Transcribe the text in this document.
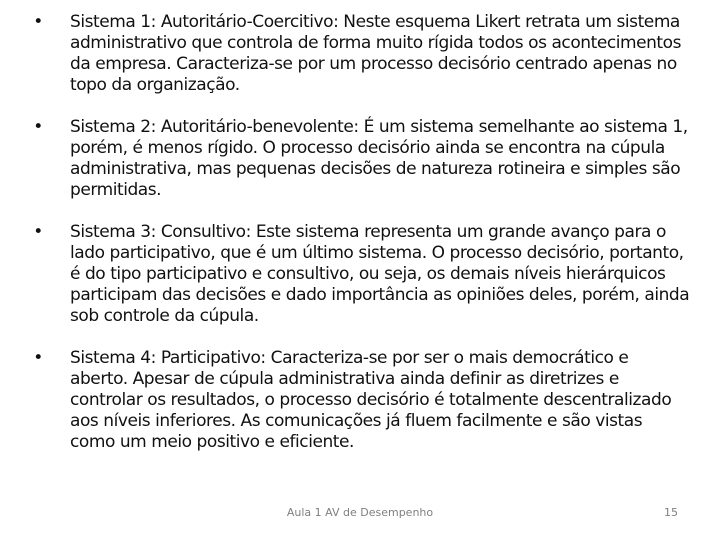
• Sistema 1: Autoritário-Coercitivo: Neste esquema Likert retrata um sistema administrativo que controla de forma muito rígida todos os acontecimentos da empresa. Caracteriza-se por um processo decisório centrado apenas no topo da organização.
• Sistema 2: Autoritário-benevolente: É um sistema semelhante ao sistema 1, porém, é menos rígido. O processo decisório ainda se encontra na cúpula administrativa, mas pequenas decisões de natureza rotineira e simples são permitidas.
• Sistema 3: Consultivo: Este sistema representa um grande avanço para o lado participativo, que é um último sistema. O processo decisório, portanto, é do tipo participativo e consultivo, ou seja, os demais níveis hierárquicos participam das decisões e dado importância as opiniões deles, porém, ainda sob controle da cúpula.
• Sistema 4: Participativo: Caracteriza-se por ser o mais democrático e aberto. Apesar de cúpula administrativa ainda definir as diretrizes e controlar os resultados, o processo decisório é totalmente descentralizado aos níveis inferiores. As comunicações já fluem facilmente e são vistas como um meio positivo e eficiente.
Aula 1 AV de Desempenho	15
